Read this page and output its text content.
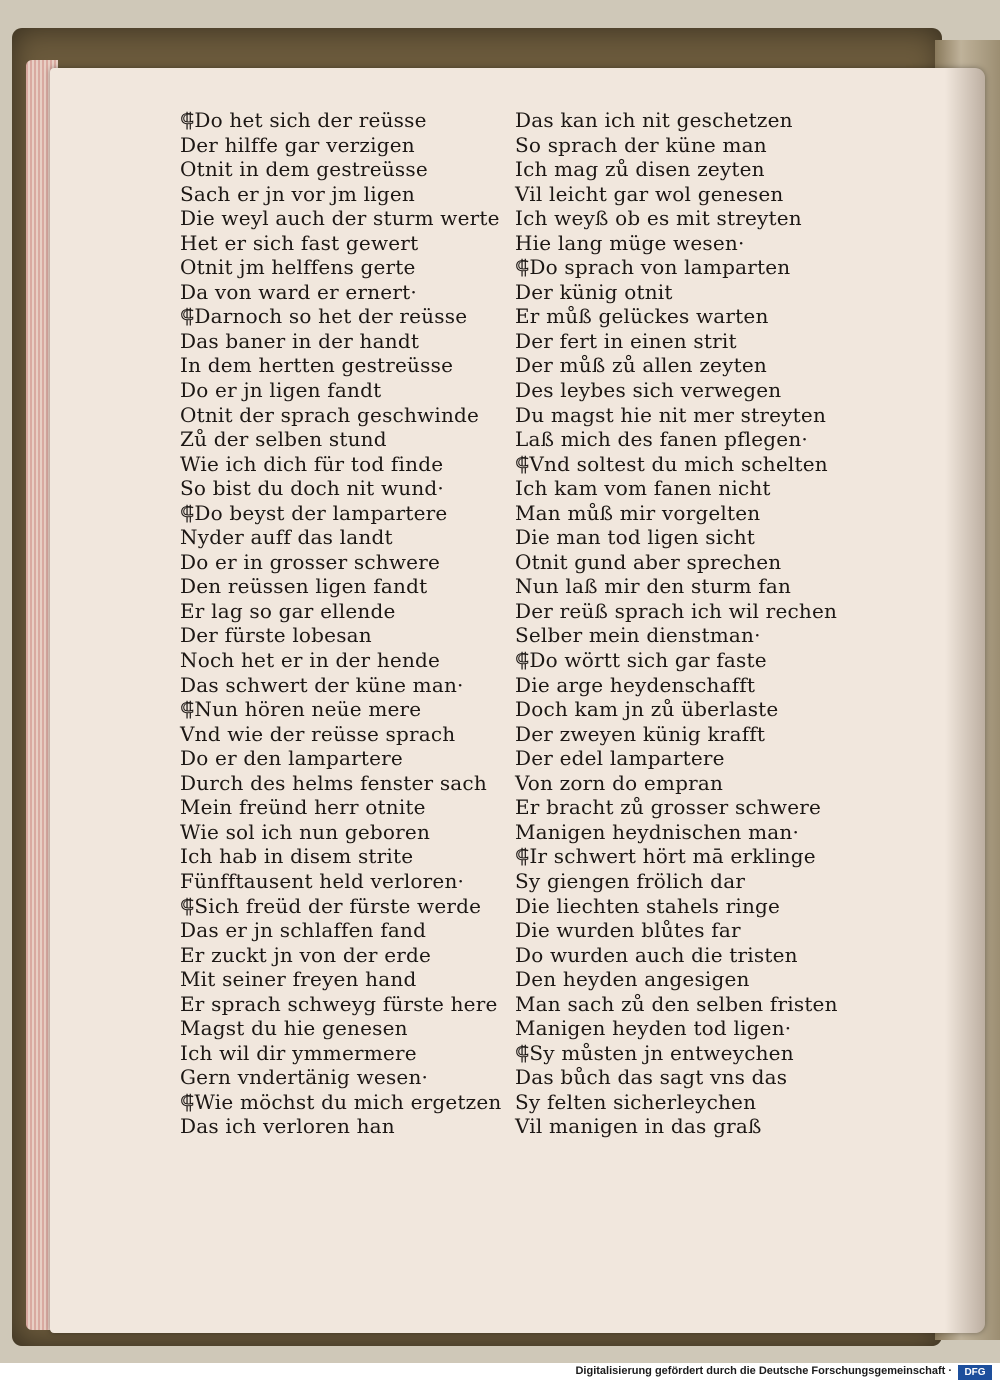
⸿Do het sich der reüsse
Der hilffe gar verzigen
Otnit in dem gestreüsse
Sach er jn vor jm ligen
Die weyl auch der sturm werte
Het er sich fast gewert
Otnit jm helffens gerte
Da von ward er ernert·
⸿Darnoch so het der reüsse
Das baner in der handt
In dem hertten gestreüsse
Do er jn ligen fandt
Otnit der sprach geschwinde
Zů der selben stund
Wie ich dich für tod finde
So bist du doch nit wund·
⸿Do beyst der lampartere
Nyder auff das landt
Do er in grosser schwere
Den reüssen ligen fandt
Er lag so gar ellende
Der fürste lobesan
Noch het er in der hende
Das schwert der küne man·
⸿Nun hören neüe mere
Vnd wie der reüsse sprach
Do er den lampartere
Durch des helms fenster sach
Mein freünd herr otnite
Wie sol ich nun geboren
Ich hab in disem strite
Fünfftausent held verloren·
⸿Sich freüd der fürste werde
Das er jn schlaffen fand
Er zuckt jn von der erde
Mit seiner freyen hand
Er sprach schweyg fürste here
Magst du hie genesen
Ich wil dir ymmermere
Gern vndertänig wesen·
⸿Wie möchst du mich ergetzen
Das ich verloren han
Das kan ich nit geschetzen
So sprach der küne man
Ich mag zů disen zeyten
Vil leicht gar wol genesen
Ich weyß ob es mit streyten
Hie lang müge wesen·
⸿Do sprach von lamparten
Der künig otnit
Er můß gelückes warten
Der fert in einen strit
Der můß zů allen zeyten
Des leybes sich verwegen
Du magst hie nit mer streyten
Laß mich des fanen pflegen·
⸿Vnd soltest du mich schelten
Ich kam vom fanen nicht
Man můß mir vorgelten
Die man tod ligen sicht
Otnit gund aber sprechen
Nun laß mir den sturm fan
Der reüß sprach ich wil rechen
Selber mein dienstman·
⸿Do wörtt sich gar faste
Die arge heydenschafft
Doch kam jn zů überlaste
Der zweyen künig krafft
Der edel lampartere
Von zorn do empran
Er bracht zů grosser schwere
Manigen heydnischen man·
⸿Ir schwert hört mā erklinge
Sy giengen frölich dar
Die liechten stahels ringe
Die wurden blůtes far
Do wurden auch die tristen
Den heyden angesigen
Man sach zů den selben fristen
Manigen heyden tod ligen·
⸿Sy můsten jn entweychen
Das bůch das sagt vns das
Sy felten sicherleychen
Vil manigen in das graß
Digitalisierung gefördert durch die Deutsche Forschungsgemeinschaft ·	DFG
